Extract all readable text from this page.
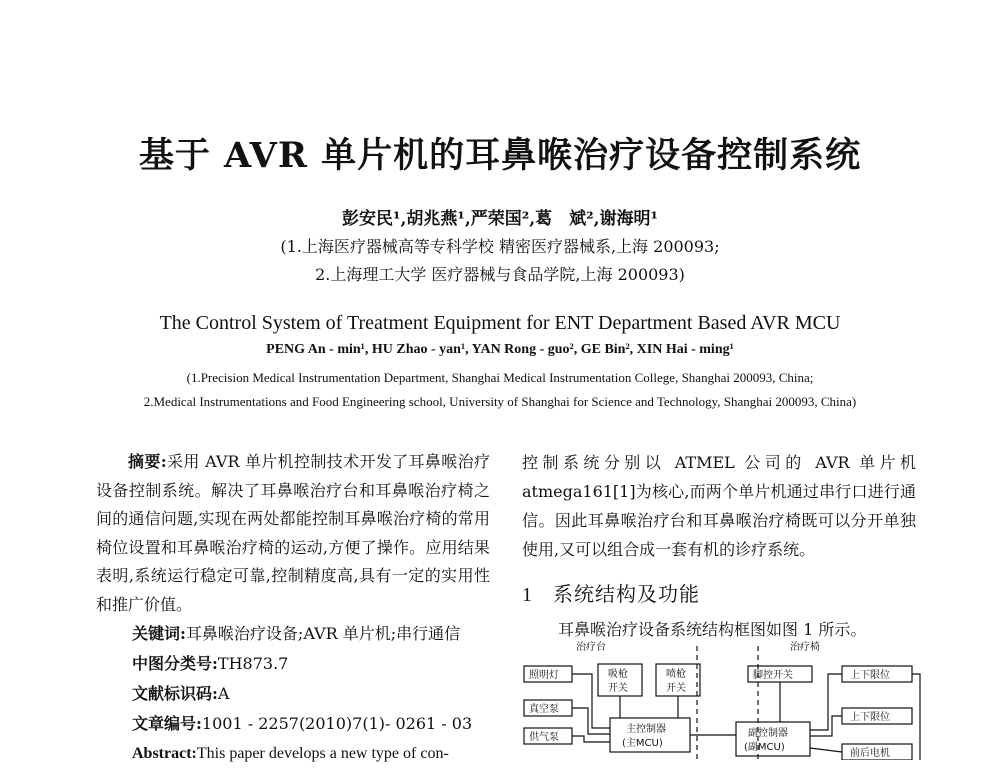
基于 AVR 单片机的耳鼻喉治疗设备控制系统
彭安民¹,胡兆燕¹,严荣国²,葛　斌²,谢海明¹
(1.上海医疗器械高等专科学校 精密医疗器械系,上海 200093;
2.上海理工大学 医疗器械与食品学院,上海 200093)
The Control System of Treatment Equipment for ENT Department Based AVR MCU
PENG An - min¹, HU Zhao - yan¹, YAN Rong - guo², GE Bin², XIN Hai - ming¹
(1.Precision Medical Instrumentation Department, Shanghai Medical Instrumentation College, Shanghai 200093, China;
2.Medical Instrumentations and Food Engineering school, University of Shanghai for Science and Technology, Shanghai 200093, China)

摘要:采用 AVR 单片机控制技术开发了耳鼻喉治疗设备控制系统。解决了耳鼻喉治疗台和耳鼻喉治疗椅之间的通信问题,实现在两处都能控制耳鼻喉治疗椅的常用椅位设置和耳鼻喉治疗椅的运动,方便了操作。应用结果表明,系统运行稳定可靠,控制精度高,具有一定的实用性和推广价值。

关键词:耳鼻喉治疗设备;AVR 单片机;串行通信

中图分类号:TH873.7

文献标识码:A

文章编号:1001 - 2257(2010)7(1)- 0261 - 03

Abstract:This paper develops a new type of con-

控制系统分别以 ATMEL 公司的 AVR 单片机 atmega161[1]为核心,而两个单片机通过串行口进行通信。因此耳鼻喉治疗台和耳鼻喉治疗椅既可以分开单独使用,又可以组合成一套有机的诊疗系统。

1 系统结构及功能

耳鼻喉治疗设备系统结构框图如图 1 所示。

治疗台	治疗椅
照明灯	吸枪
开关
喷枪
开关
真空泵
供气泵
主控制器
(主MCU)
脚控开关
副控制器
(副MCU)
上下限位
上下限位
前后电机
